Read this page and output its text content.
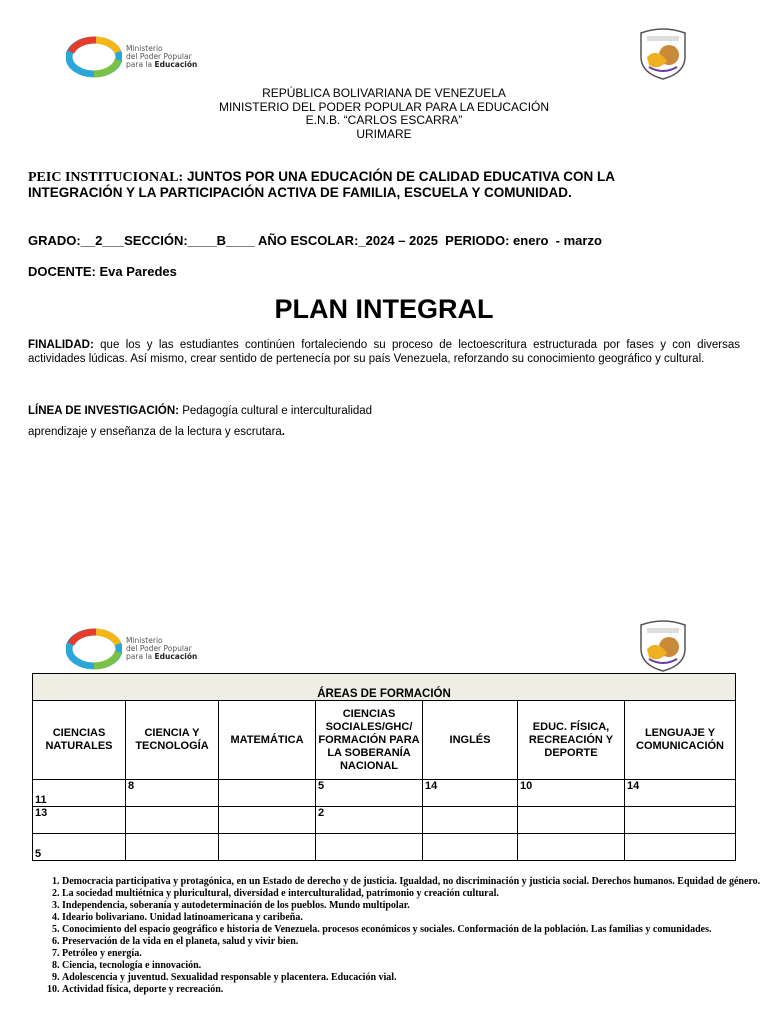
Ministerio
del Poder Popular
para la Educación
REPÚBLICA BOLIVARIANA DE VENEZUELA
MINISTERIO DEL PODER POPULAR PARA LA EDUCACIÓN
E.N.B. “CARLOS ESCARRA”
URIMARE
PEIC INSTITUCIONAL: JUNTOS POR UNA EDUCACIÓN DE CALIDAD EDUCATIVA CON LA INTEGRACIÓN Y LA PARTICIPACIÓN ACTIVA DE FAMILIA, ESCUELA Y COMUNIDAD.
GRADO:__2___SECCIÓN:____B____ AÑO ESCOLAR:_2024 – 2025  PERIODO: enero  - marzo
DOCENTE: Eva Paredes
PLAN INTEGRAL
FINALIDAD: que los y las estudiantes continúen fortaleciendo su proceso de lectoescritura estructurada por fases y con diversas actividades lúdicas. Así mismo, crear sentido de pertenecía por su país Venezuela, reforzando su conocimiento geográfico y cultural.
LÍNEA DE INVESTIGACIÓN: Pedagogía cultural e interculturalidad
aprendizaje y enseñanza de la lectura y escrutara.
Ministerio
del Poder Popular
para la Educación
ÁREAS DE FORMACIÓN						
CIENCIAS NATURALES	CIENCIA Y TECNOLOGÍA	MATEMÁTICA	CIENCIAS SOCIALES/GHC/ FORMACIÓN PARA LA SOBERANÍA NACIONAL	INGLÉS	EDUC. FÍSICA, RECREACIÓN Y DEPORTE	LENGUAJE Y COMUNICACIÓN
11	8		5	14	10	14
13			2			
5						
1. Democracia participativa y protagónica, en un Estado de derecho y de justicia. Igualdad, no discriminación y justicia social. Derechos humanos. Equidad de género.
2. La sociedad multiétnica y pluricultural, diversidad e interculturalidad, patrimonio y creación cultural.
3. Independencia, soberanía y autodeterminación de los pueblos. Mundo multipolar.
4. Ideario bolivariano. Unidad latinoamericana y caribeña.
5. Conocimiento del espacio geográfico e historia de Venezuela. procesos económicos y sociales. Conformación de la población. Las familias y comunidades.
6. Preservación de la vida en el planeta, salud y vivir bien.
7. Petróleo y energía.
8. Ciencia, tecnología e innovación.
9. Adolescencia y juventud. Sexualidad responsable y placentera. Educación vial.
10. Actividad física, deporte y recreación.
